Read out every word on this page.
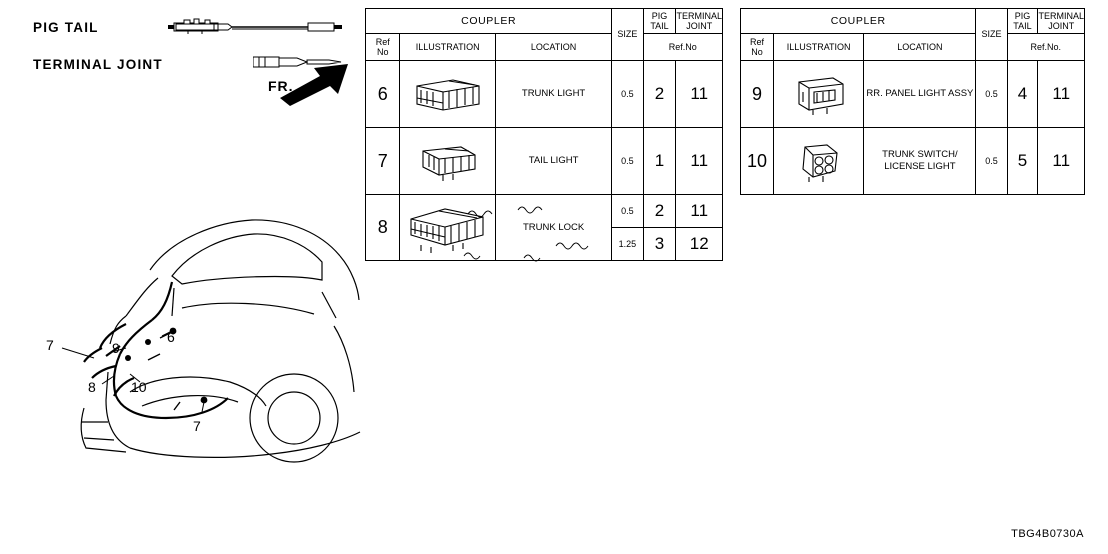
PIG TAIL
TERMINAL JOINT
FR.
7	9
6
8	10
7
COUPLER			SIZE	PIG
TAIL	TERMINAL
JOINT
Ref
No	ILLUSTRATION	LOCATION		Ref.No	
6		TRUNK LIGHT	0.5	2	11
7		TAIL LIGHT	0.5	1	11
8		TRUNK LOCK	0.5	2	11
			1.25	3	12
COUPLER			SIZE	PIG
TAIL	TERMINAL
JOINT
Ref
No	ILLUSTRATION	LOCATION		Ref.No.	
9		RR. PANEL LIGHT ASSY	0.5	4	11
10		TRUNK SWITCH/ LICENSE LIGHT	0.5	5	11
TBG4B0730A
